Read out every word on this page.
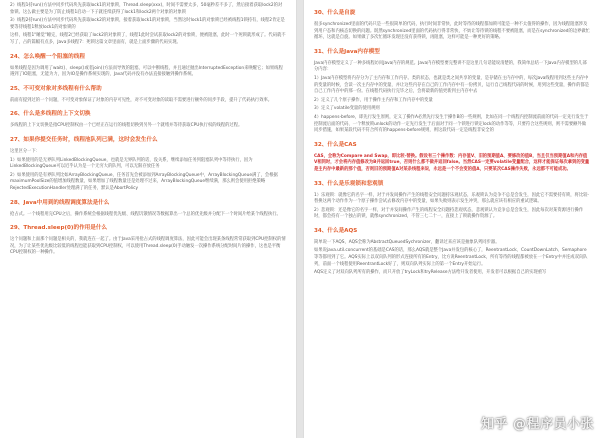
2）线程1持run()方法中同步代码块先获取lock1的对象锁，Thread.sleep(xxx)，时间不需要太多，50毫秒差不多了，然后接着获取lock2的对象锁。这么做主要是为了防止线程1启动一下子就连续获得了lock1和lock2两个对象的对象锁

3）线程2持run()方法中同步代码块先获取lock2的对象锁，接着获取lock1的对象锁，当然这时lock1的对象锁已经被线程1锁持有，线程2肯定是要等待线程1释放lock1的对象锁的

这样，线程1"睡觉"睡完，线程2已经获取了lock2的对象锁了，线程1此时尝试获取lock2的对象锁，便被阻塞，此时一个死锁就形成了。代码就不写了，占的篇幅有点多，Java多线程7：死锁这篇文章里面有，就是上面步骤的代码实现。

24、怎么唤醒一个阻塞的线程

如果线程是因为调用了wait()、sleep()或者join()方法而导致的阻塞，可以中断线程，并且通过抛出InterruptedException来唤醒它；如果线程遇到了IO阻塞，无能为力，因为IO是操作系统实现的，Java代码并没有办法直接接触到操作系统。

25、不可变对象对多线程有什么帮助

前面有提到过的一个问题，不可变对象保证了对象的内存可见性，对不可变对象的读取不需要进行额外的同步手段，提升了代码执行效率。

26、什么是多线程的上下文切换

多线程的上下文切换是指CPU控制权由一个已经正在运行的线程切换到另外一个就绪并等待获取CPU执行权的线程的过程。

27、如果你提交任务时，线程池队列已满，这时会发生什么

这里区分一下：

1）如果使用的是无界队列LinkedBlockingQueue，也就是无界队列的话，没关系，继续添加任务到阻塞队列中等待执行，因为LinkedBlockingQueue可以近乎认为是一个无穷大的队列，可以无限存放任务

2）如果使用的是有界队列比如ArrayBlockingQueue，任务首先会被添加到ArrayBlockingQueue中，ArrayBlockingQueue满了，会根据maximumPoolSize的值增加线程数量，如果增加了线程数量还是处理不过来，ArrayBlockingQueue继续满，那么则会使用拒绝策略RejectedExecutionHandler处理满了的任务，默认是AbortPolicy

28、Java中用到的线程调度算法是什么

抢占式。一个线程用完CPU之后，操作系统会根据线程优先级、线程饥饿情况等数据算出一个总的优先级并分配下一个时间片给某个线程执行。

29、Thread.sleep(0)的作用是什么

这个问题和上面那个问题是相关的，我就连在一起了。由于Java采用抢占式的线程调度算法，因此可能会出现某条线程常常获取到CPU控制权的情况，为了让某些优先级比较低的线程也能获取到CPU控制权，可以使用Thread.sleep(0)手动触发一次操作系统分配时间片的操作，这也是平衡CPU控制权的一种操作。

30、什么是自旋

很多synchronized里面的代码只是一些很简单的代码，执行时间非常快，此时等待的线程都加锁可能是一种不太值得的操作，因为线程阻塞涉及到用户态和内核态切换的问题。既然synchronized里面的代码执行得非常快，不妨让等待锁的线程不要被阻塞，而是在synchronized的边界做忙循环，这就是自旋。如果做了多次忙循环发现还没有获得锁，再阻塞，这样可能是一种更好的策略。

31、什么是Java内存模型

Java内存模型定义了一种多线程访问Java内存的规范。Java内存模型要完整讲不是这里几句话能说清楚的，我简单总结一下Java内存模型的几部分内容：

1）Java内存模型将内存分为了主内存和工作内存。类的状态，也就是类之间共享的变量，是存储在主内存中的，每次Java线程用到这些主内存中的变量的时候，会读一次主内存中的变量，并让这些内存在自己的工作内存中有一份拷贝，运行自己线程代码的时候，用到这些变量，操作的都是自己工作内存中的那一份。在线程代码执行完毕之后，会将最新的值更新到主内存中去

2）定义了几个原子操作，用于操作主内存和工作内存中的变量

3）定义了volatile变量的使用规则

4）happens-before，即先行发生原则，定义了操作A必然先行发生于操作B的一些规则，比如在同一个线程内控制流前面的代码一定先行发生于控制流后面的代码、一个释放锁unlock的动作一定先行发生于后面对于同一个锁进行锁定lock的动作等等，只要符合这些规则，则不需要额外做同步措施，如果某段代码不符合所有的happens-before规则，则这段代码一定是线程非安全的

32、什么是CAS

CAS，全称为Compare and Swap，即比较-替换。假设有三个操作数：内存值V、旧的预期值A、要修改的值B，当且仅当预期值A和内存值V相同时，才会将内存值修改为B并返回true，否则什么都不做并返回false。当然CAS一定要volatile变量配合，这样才能保证每次拿到的变量是主内存中最新的那个值，否则旧的预期值A对某条线程来说，永远是一个不会变的值A，只要某次CAS操作失败，永远都不可能成功。

33、什么是乐观锁和悲观锁

1）乐观锁：就像它的名字一样，对于并发间操作产生的线程安全问题持乐观状态，乐观锁认为竞争不总是会发生，因此它不需要持有锁，将比较-替换这两个动作作为一个原子操作尝试去修改内存中的变量，如果失败则表示发生冲突，那么就应该有相应的重试逻辑。

2）悲观锁：还是像它的名字一样，对于并发间操作产生的线程安全问题持悲观状态，悲观锁认为竞争总是会发生，因此每次对某资源进行操作时，都会持有一个独占的锁，就像synchronized，不管三七二十一，直接上了锁就操作资源了。

34、什么是AQS

简单说一下AQS，AQS全称为AbstractQueuedSychronizer，翻译过来应该是抽象队列同步器。

如果说java.util.concurrent的基础是CAS的话，那么AQS就是整个Java并发包的核心了，ReentrantLock、CountDownLatch、Semaphore等等都用到了它。AQS实际上以双向队列的形式连接所有的Entry，比方说ReentrantLock，所有等待的线程都被放在一个Entry中并连成双向队列，前面一个线程使用ReentrantLock好了，则双向队列实际上的第一个Entry开始运行。

AQS定义了对双向队列所有的操作，而只开放了tryLock和tryRelease方法给开发者使用，开发者可以根据自己的实现重写

知乎 @程序员小张
